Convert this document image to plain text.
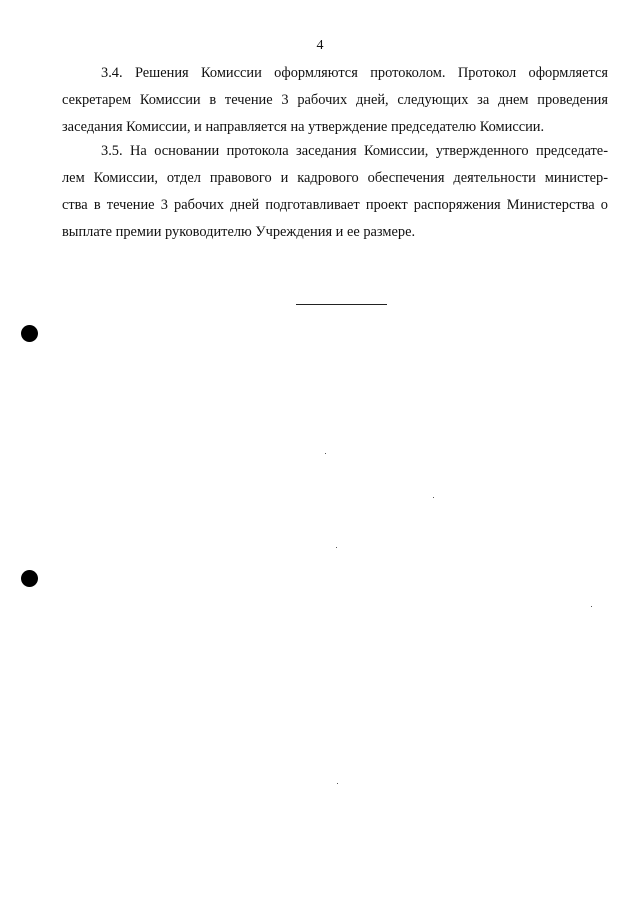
4

3.4. Решения Комиссии оформляются протоколом. Протокол оформляется
секретарем Комиссии в течение 3 рабочих дней, следующих за днем проведения
заседания Комиссии, и направляется на утверждение председателю Комиссии.

3.5. На основании протокола заседания Комиссии, утвержденного председате-
лем Комиссии, отдел правового и кадрового обеспечения деятельности министер-
ства в течение 3 рабочих дней подготавливает проект распоряжения Министерства о
выплате премии руководителю Учреждения и ее размере.
